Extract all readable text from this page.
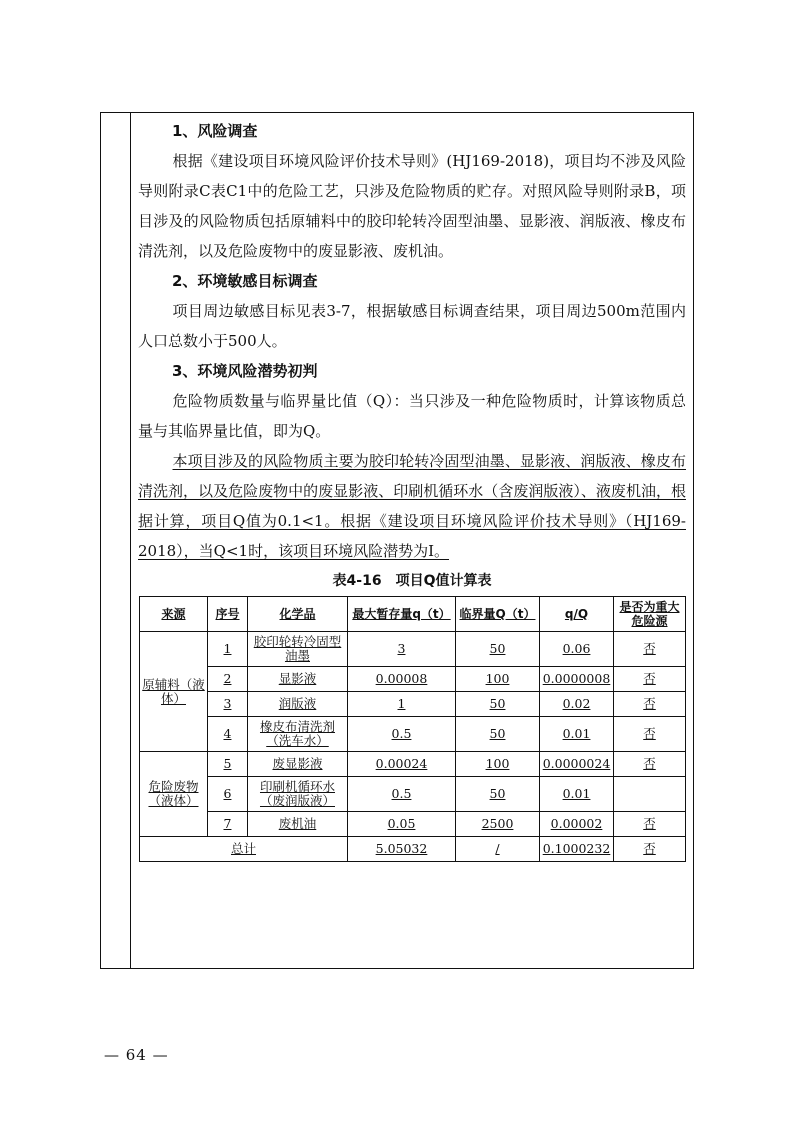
1、风险调查

根据《建设项目环境风险评价技术导则》(HJ169-2018)，项目均不涉及风险导则附录C表C1中的危险工艺，只涉及危险物质的贮存。对照风险导则附录B，项目涉及的风险物质包括原辅料中的胶印轮转冷固型油墨、显影液、润版液、橡皮布清洗剂，以及危险废物中的废显影液、废机油。

2、环境敏感目标调查

项目周边敏感目标见表3-7，根据敏感目标调查结果，项目周边500m范围内人口总数小于500人。

3、环境风险潜势初判

危险物质数量与临界量比值（Q）：当只涉及一种危险物质时，计算该物质总量与其临界量比值，即为Q。

本项目涉及的风险物质主要为胶印轮转冷固型油墨、显影液、润版液、橡皮布清洗剂，以及危险废物中的废显影液、印刷机循环水（含废润版液）、液废机油，根据计算，项目Q值为0.1<1。根据《建设项目环境风险评价技术导则》（HJ169-2018），当Q<1时，该项目环境风险潜势为I。

表4-16　项目Q值计算表
来源	序号	化学品	最大暂存量q（t）	临界量Q（t）	q/Q	是否为重大危险源
原辅料（液体）	1	胶印轮转冷固型油墨	3	50	0.06	否
	2	显影液	0.00008	100	0.0000008	否
	3	润版液	1	50	0.02	否
	4	橡皮布清洗剂（洗车水）	0.5	50	0.01	否
危险废物（液体）	5	废显影液	0.00024	100	0.0000024	否
	6	印刷机循环水（废润版液）	0.5	50	0.01	
	7	废机油	0.05	2500	0.00002	否
总计			5.05032	/	0.1000232	否
— 64 —
